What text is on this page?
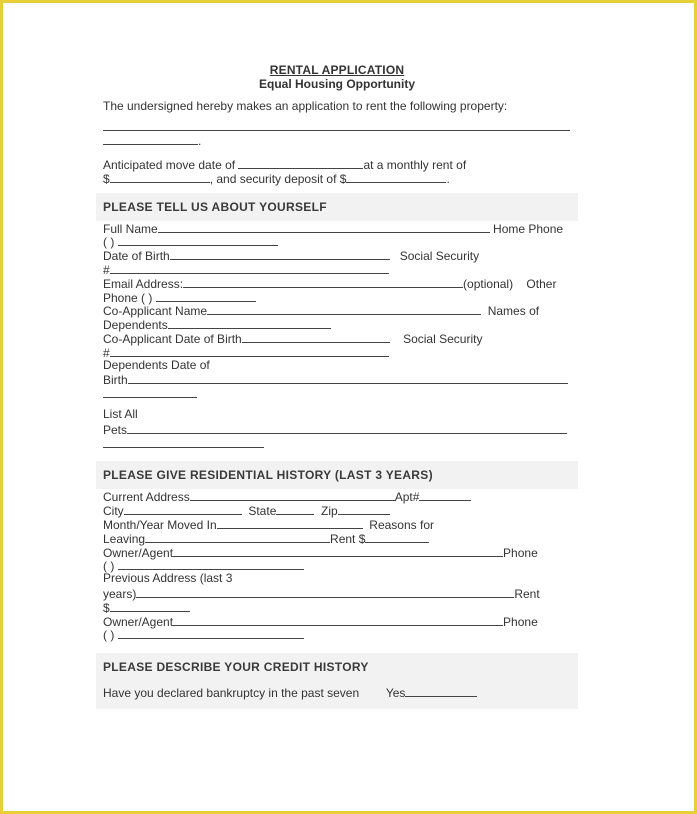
RENTAL APPLICATION
Equal Housing Opportunity
The undersigned hereby makes an application to rent the following property:
.
Anticipated move date of	at a monthly rent of
$	, and security deposit of $	.
PLEASE TELL US ABOUT YOURSELF
Full Name	Home Phone
( )
Date of Birth	Social Security
#
Email Address:	(optional) Other
Phone ( )
Co-Applicant Name	Names of
Dependents
Co-Applicant Date of Birth	Social Security
#
Dependents Date of
Birth
List All
Pets
PLEASE GIVE RESIDENTIAL HISTORY (LAST 3 YEARS)
Current Address	Apt#
City	State	Zip
Month/Year Moved In	Reasons for
Leaving	Rent $
Owner/Agent	Phone
( )
Previous Address (last 3
years)	Rent
$
Owner/Agent	Phone
( )
PLEASE DESCRIBE YOUR CREDIT HISTORY
Have you declared bankruptcy in the past seven Yes
